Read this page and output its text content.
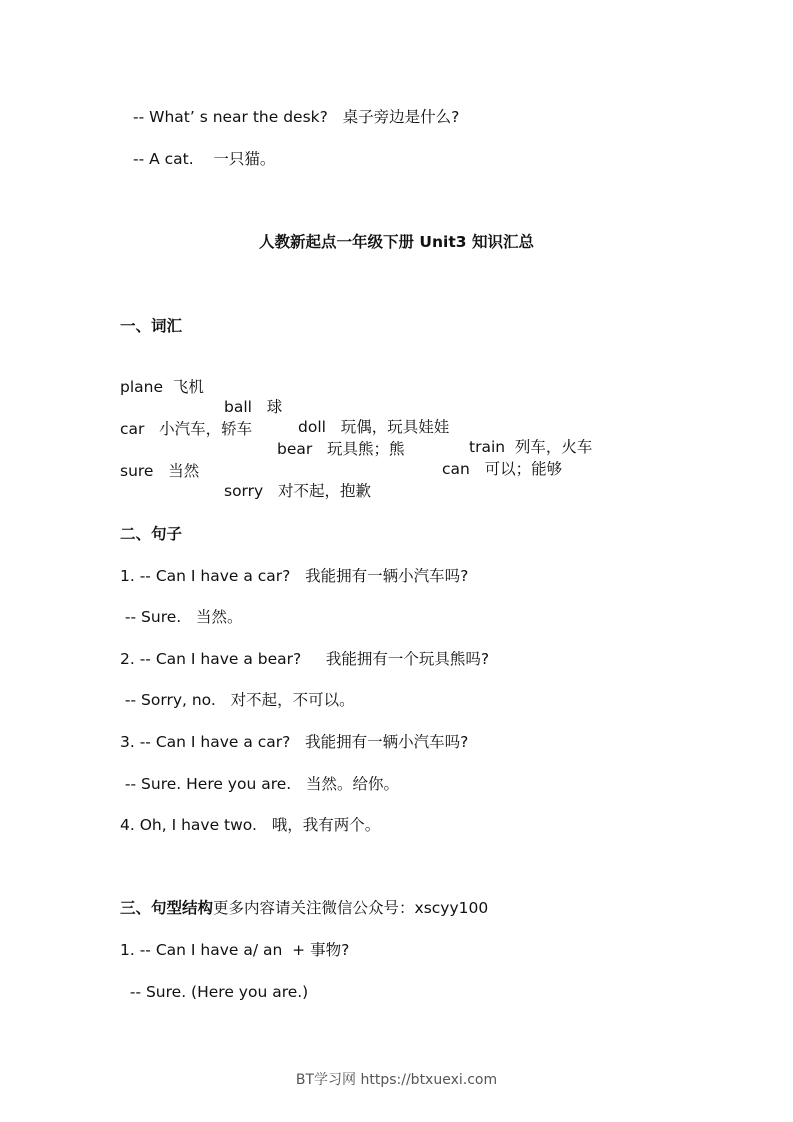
-- What’ s near the desk?   桌子旁边是什么?
-- A cat.    一只猫。
人教新起点一年级下册 Unit3 知识汇总
一、词汇

plane  飞机

ball   球

doll   玩偶，玩具娃娃

train  列车，火车

car   小汽车，轿车

bear   玩具熊；熊

can   可以；能够

sure   当然

sorry   对不起，抱歉

二、句子
1. -- Can I have a car?   我能拥有一辆小汽车吗?
-- Sure.   当然。
2. -- Can I have a bear?     我能拥有一个玩具熊吗?
-- Sorry, no.   对不起，不可以。
3. -- Can I have a car?   我能拥有一辆小汽车吗?
-- Sure. Here you are.   当然。给你。
4. Oh, I have two.   哦，我有两个。
三、句型结构更多内容请关注微信公众号：xscyy100
1. -- Can I have a/ an  + 事物?
-- Sure. (Here you are.)
BT学习网 https://btxuexi.com
